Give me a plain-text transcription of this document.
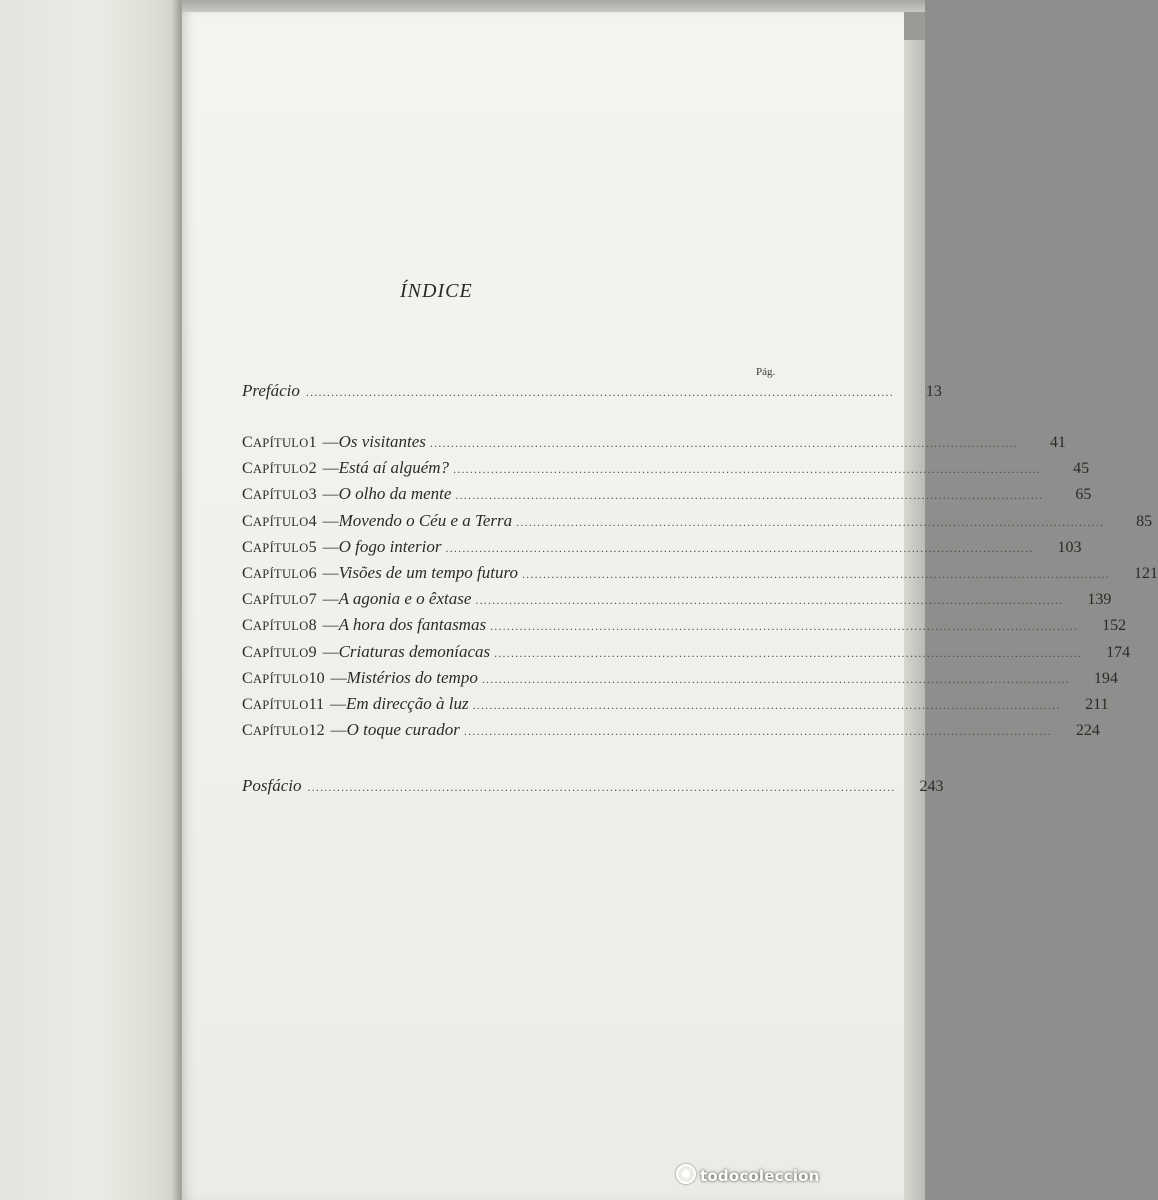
ÍNDICE
Pág.
Prefácio ............................................................................................................................................	13
CAPÍTULO 1 — Os visitantes ............................................................................................................................................	41
CAPÍTULO 2 — Está aí alguém? ............................................................................................................................................	45
CAPÍTULO 3 — O olho da mente ............................................................................................................................................	65
CAPÍTULO 4 — Movendo o Céu e a Terra ............................................................................................................................................	85
CAPÍTULO 5 — O fogo interior ............................................................................................................................................	103
CAPÍTULO 6 — Visões de um tempo futuro ............................................................................................................................................	121
CAPÍTULO 7 — A agonia e o êxtase ............................................................................................................................................	139
CAPÍTULO 8 — A hora dos fantasmas ............................................................................................................................................	152
CAPÍTULO 9 — Criaturas demoníacas ............................................................................................................................................	174
CAPÍTULO 10 — Mistérios do tempo ............................................................................................................................................	194
CAPÍTULO 11 — Em direcção à luz ............................................................................................................................................	211
CAPÍTULO 12 — O toque curador ............................................................................................................................................	224
Posfácio ............................................................................................................................................	243
todocoleccion
